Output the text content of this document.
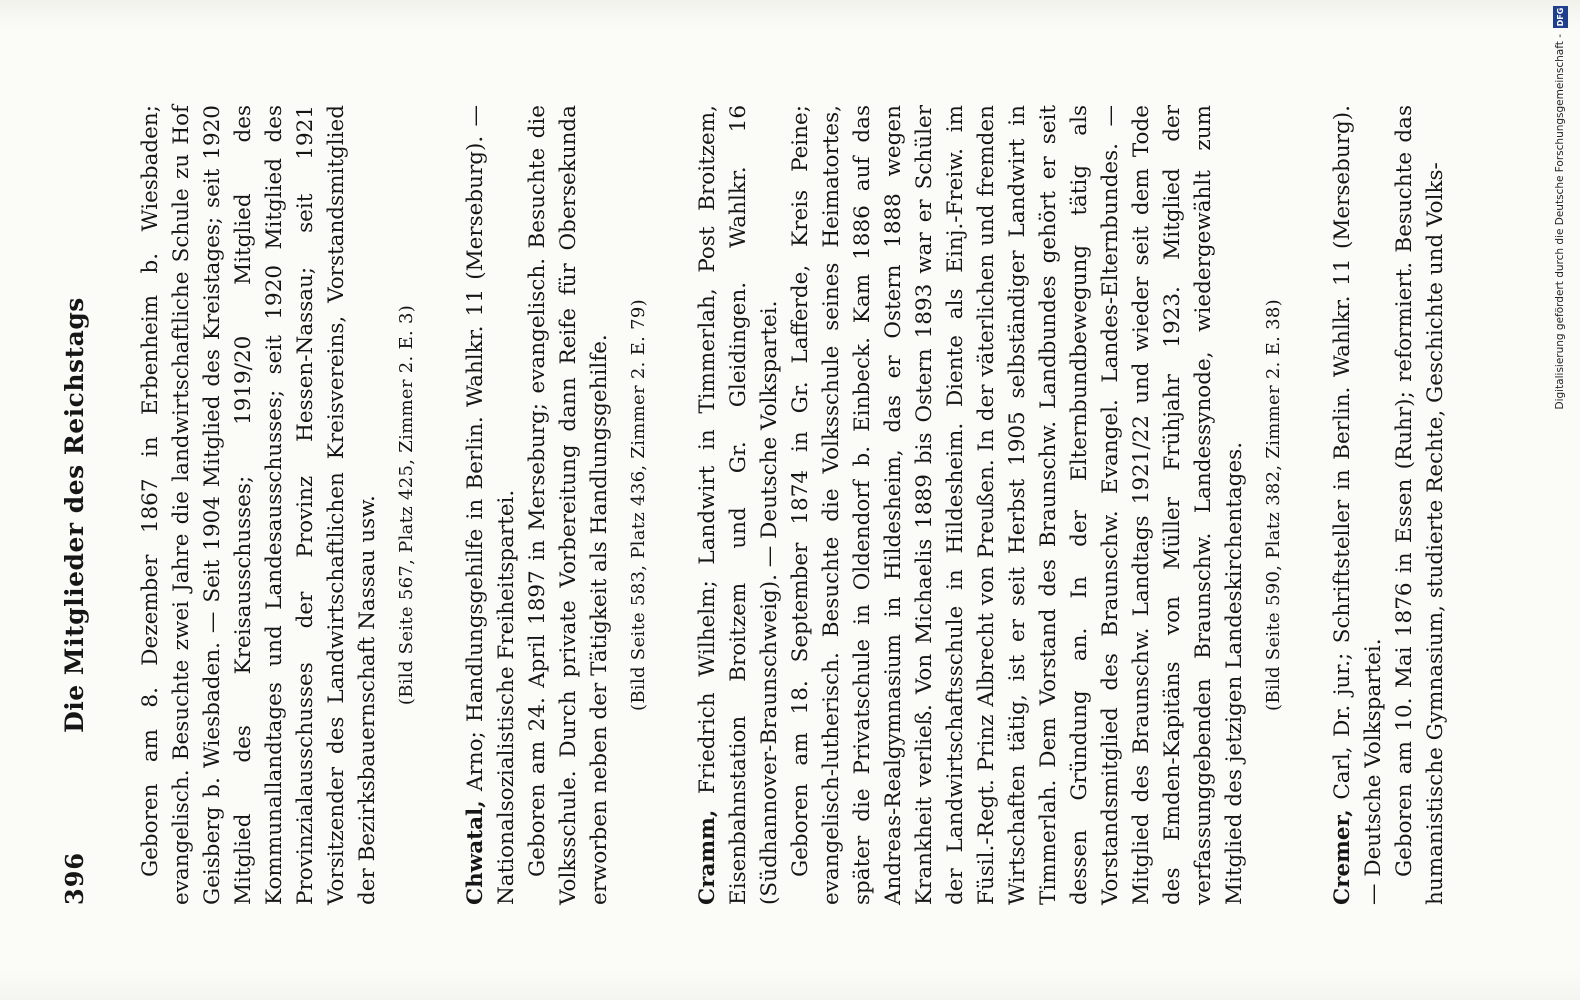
396
Die Mitglieder des Reichstags Geboren am 8. Dezember 1867 in Erbenheim b. Wiesbaden; evangelisch. Besuchte zwei Jahre die landwirtschaftliche Schule zu Hof Geisberg b. Wiesbaden. — Seit 1904 Mitglied des Kreistages; seit 1920 Mitglied des Kreisausschusses; 1919/20 Mitglied des Kommunallandtages und Landesausschusses; seit 1920 Mitglied des Provinzialausschusses der Provinz Hessen-Nassau; seit 1921 Vorsitzender des Landwirtschaftlichen Kreisvereins, Vorstandsmitglied der Bezirksbauernschaft Nassau usw. (Bild Seite 567, Platz 425, Zimmer 2. E. 3)

Chwatal, Arno; Handlungsgehilfe in Berlin. Wahlkr. 11 (Merseburg). — Nationalsozialistische Freiheitspartei. Geboren am 24. April 1897 in Merseburg; evangelisch. Besuchte die Volksschule. Durch private Vorbereitung dann Reife für Obersekunda erworben neben der Tätigkeit als Handlungsgehilfe. (Bild Seite 583, Platz 436, Zimmer 2. E. 79)

Cramm, Friedrich Wilhelm; Landwirt in Timmerlah, Post Broitzem, Eisenbahnstation Broitzem und Gr. Gleidingen. Wahlkr. 16 (Südhannover-Braunschweig). — Deutsche Volkspartei. Geboren am 18. September 1874 in Gr. Lafferde, Kreis Peine; evangelisch-lutherisch. Besuchte die Volksschule seines Heimatortes, später die Privatschule in Oldendorf b. Einbeck. Kam 1886 auf das Andreas-Realgymnasium in Hildesheim, das er Ostern 1888 wegen Krankheit verließ. Von Michaelis 1889 bis Ostern 1893 war er Schüler der Landwirtschaftsschule in Hildesheim. Diente als Einj.-Freiw. im Füsil.-Regt. Prinz Albrecht von Preußen. In der väterlichen und fremden Wirtschaften tätig, ist er seit Herbst 1905 selbständiger Landwirt in Timmerlah. Dem Vorstand des Braunschw. Landbundes gehört er seit dessen Gründung an. In der Elternbundbewegung tätig als Vorstandsmitglied des Braunschw. Evangel. Landes-Elternbundes. — Mitglied des Braunschw. Landtags 1921/22 und wieder seit dem Tode des Emden-Kapitäns von Müller Frühjahr 1923. Mitglied der verfassunggebenden Braunschw. Landessynode, wiedergewählt zum Mitglied des jetzigen Landeskirchentages. (Bild Seite 590, Platz 382, Zimmer 2. E. 38)

Cremer, Carl, Dr. jur.; Schriftsteller in Berlin. Wahlkr. 11 (Merseburg). — Deutsche Volkspartei. Geboren am 10. Mai 1876 in Essen (Ruhr); reformiert. Besuchte das humanistische Gymnasium, studierte Rechte, Geschichte und Volks-	Digitalisierung gefördert durch die Deutsche Forschungsgemeinschaft -
DFG
